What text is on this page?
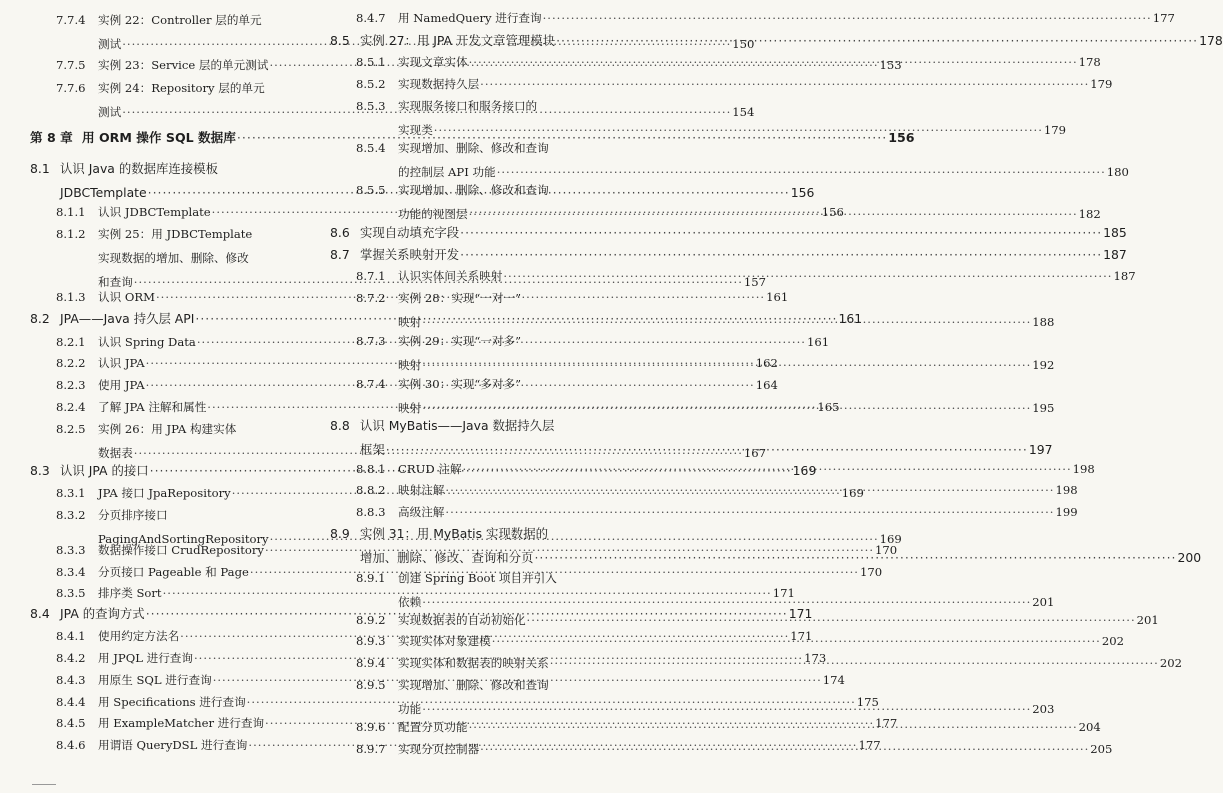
7.7.4 实例 22：Controller 层的单元
测试 ·····	150
7.7.5 实例 23：Service 层的单元测试 ·····	153
7.7.6 实例 24：Repository 层的单元
测试 ·····	154
第 8 章 用 ORM 操作 SQL 数据库 ·····	156
8.1 认识 Java 的数据库连接模板
JDBCTemplate ·····	156
8.1.1 认识 JDBCTemplate ·····	156
8.1.2 实例 25：用 JDBCTemplate
实现数据的增加、删除、修改
和查询 ·····	157
8.1.3 认识 ORM ·····	161
8.2 JPA——Java 持久层 API ·····	161
8.2.1 认识 Spring Data ·····	161
8.2.2 认识 JPA ·····	162
8.2.3 使用 JPA ·····	164
8.2.4 了解 JPA 注解和属性 ·····	165
8.2.5 实例 26：用 JPA 构建实体
数据表 ·····	167
8.3 认识 JPA 的接口 ·····	169
8.3.1 JPA 接口 JpaRepository ·····	169
8.3.2 分页排序接口
PagingAndSortingRepository ·····	169
8.3.3 数据操作接口 CrudRepository ·····	170
8.3.4 分页接口 Pageable 和 Page ·····	170
8.3.5 排序类 Sort ·····	171
8.4 JPA 的查询方式 ·····	171
8.4.1 使用约定方法名 ·····	171
8.4.2 用 JPQL 进行查询 ·····	173
8.4.3 用原生 SQL 进行查询 ·····	174
8.4.4 用 Specifications 进行查询 ·····	175
8.4.5 用 ExampleMatcher 进行查询 ·····	177
8.4.6 用谓语 QueryDSL 进行查询 ·····	177
8.4.7 用 NamedQuery 进行查询 ·····	177
8.5 实例 27：用 JPA 开发文章管理模块 ·····	178
8.5.1 实现文章实体 ·····	178
8.5.2 实现数据持久层 ·····	179
8.5.3 实现服务接口和服务接口的
实现类 ·····	179
8.5.4 实现增加、删除、修改和查询
的控制层 API 功能 ·····	180
8.5.5 实现增加、删除、修改和查询
功能的视图层 ·····	182
8.6 实现自动填充字段 ·····	185
8.7 掌握关系映射开发 ·····	187
8.7.1 认识实体间关系映射 ·····	187
8.7.2 实例 28：实现“一对一”
映射 ·····	188
8.7.3 实例 29：实现“一对多”
映射 ·····	192
8.7.4 实例 30：实现“多对多”
映射 ·····	195
8.8 认识 MyBatis——Java 数据持久层
框架 ·····	197
8.8.1 CRUD 注解 ·····	198
8.8.2 映射注解 ·····	198
8.8.3 高级注解 ·····	199
8.9 实例 31：用 MyBatis 实现数据的
增加、删除、修改、查询和分页 ·····	200
8.9.1 创建 Spring Boot 项目并引入
依赖 ·····	201
8.9.2 实现数据表的自动初始化 ·····	201
8.9.3 实现实体对象建模 ·····	202
8.9.4 实现实体和数据表的映射关系 ·····	202
8.9.5 实现增加、删除、修改和查询
功能 ·····	203
8.9.6 配置分页功能 ·····	204
8.9.7 实现分页控制器 ·····	205
